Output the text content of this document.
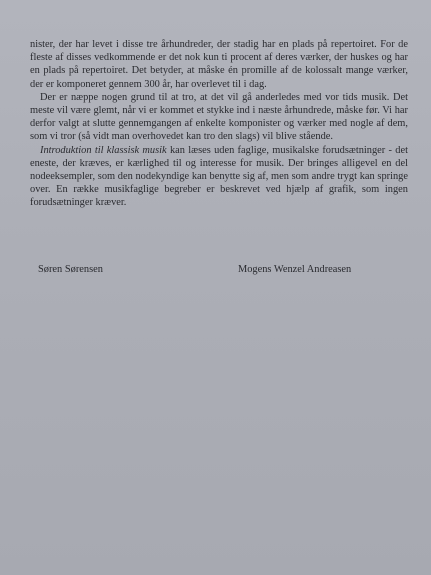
nister, der har levet i disse tre århundreder, der stadig har en plads på repertoiret. For de fleste af disses vedkommende er det nok kun ti procent af deres værker, der huskes og har en plads på repertoiret. Det betyder, at måske én promille af de kolossalt mange værker, der er komponeret gennem 300 år, har overlevet til i dag.

Der er næppe nogen grund til at tro, at det vil gå anderledes med vor tids musik. Det meste vil være glemt, når vi er kommet et stykke ind i næste århundrede, måske før. Vi har derfor valgt at slutte gennemgangen af enkelte komponister og værker med nogle af dem, som vi tror (så vidt man overhovedet kan tro den slags) vil blive stående.

Introduktion til klassisk musik kan læses uden faglige, musikalske forudsætninger - det eneste, der kræves, er kærlighed til og interesse for musik. Der bringes alligevel en del nodeeksempler, som den nodekyndige kan benytte sig af, men som andre trygt kan springe over. En række musikfaglige begreber er beskrevet ved hjælp af grafik, som ingen forudsætninger kræver.

Søren Sørensen	Mogens Wenzel Andreasen
